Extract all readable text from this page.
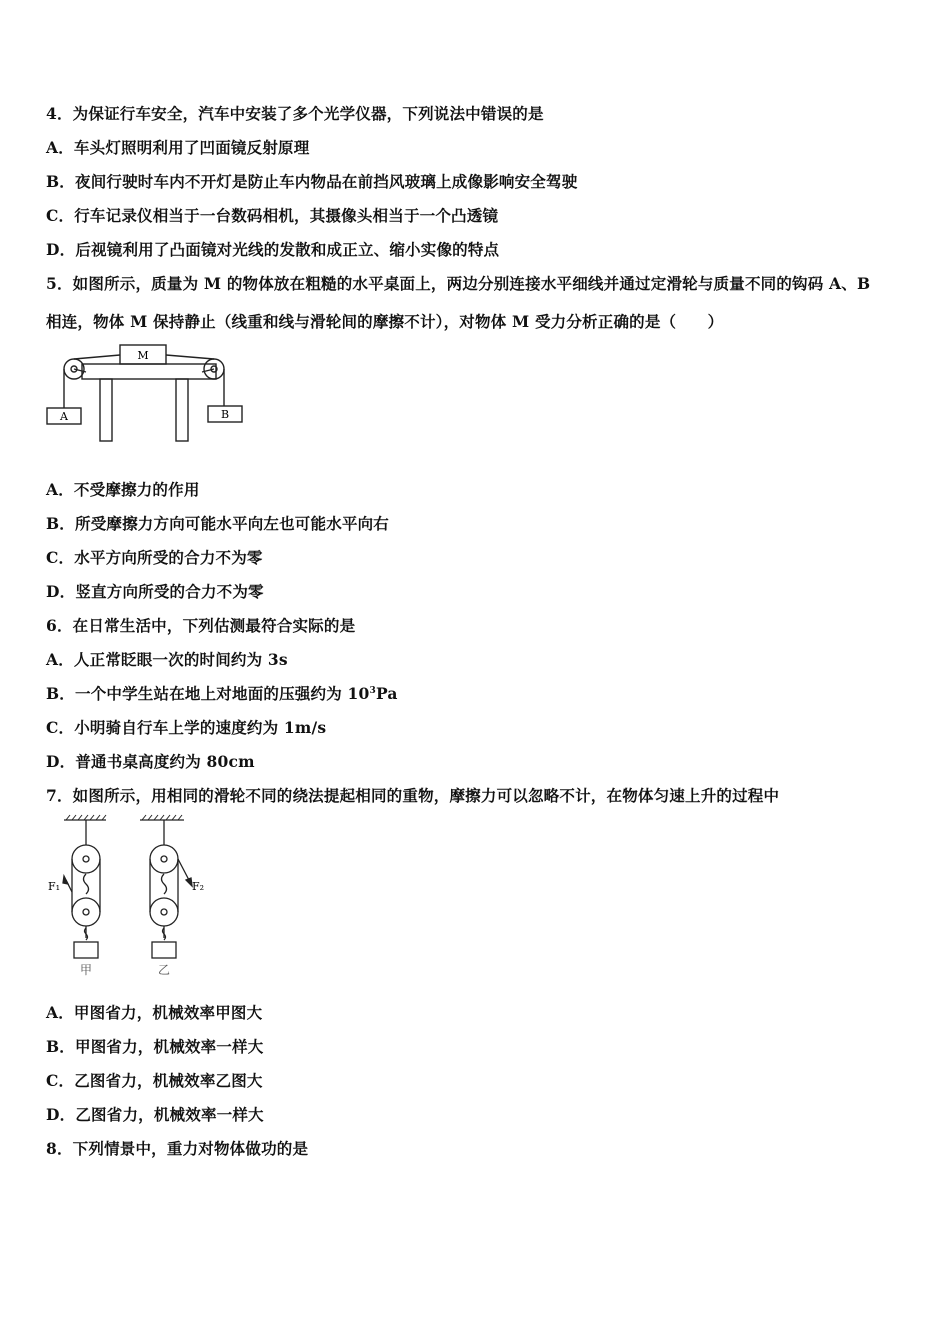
4．为保证行车安全，汽车中安装了多个光学仪器，下列说法中错误的是
A．车头灯照明利用了凹面镜反射原理
B．夜间行驶时车内不开灯是防止车内物品在前挡风玻璃上成像影响安全驾驶
C．行车记录仪相当于一台数码相机，其摄像头相当于一个凸透镜
D．后视镜利用了凸面镜对光线的发散和成正立、缩小实像的特点
5．如图所示，质量为 M 的物体放在粗糙的水平桌面上，两边分别连接水平细线并通过定滑轮与质量不同的钩码 A、B
相连，物体 M 保持静止（线重和线与滑轮间的摩擦不计），对物体 M 受力分析正确的是（　　）
M
A	B
A．不受摩擦力的作用
B．所受摩擦力方向可能水平向左也可能水平向右
C．水平方向所受的合力不为零
D．竖直方向所受的合力不为零
6．在日常生活中，下列估测最符合实际的是
A．人正常眨眼一次的时间约为 3s
B．一个中学生站在地上对地面的压强约为 $10^3Pa$
C．小明骑自行车上学的速度约为 1m/s
D．普通书桌高度约为 80cm
7．如图所示，用相同的滑轮不同的绕法提起相同的重物，摩擦力可以忽略不计，在物体匀速上升的过程中
F₁	F₂
甲	乙
A．甲图省力，机械效率甲图大
B．甲图省力，机械效率一样大
C．乙图省力，机械效率乙图大
D．乙图省力，机械效率一样大
8．下列情景中，重力对物体做功的是
